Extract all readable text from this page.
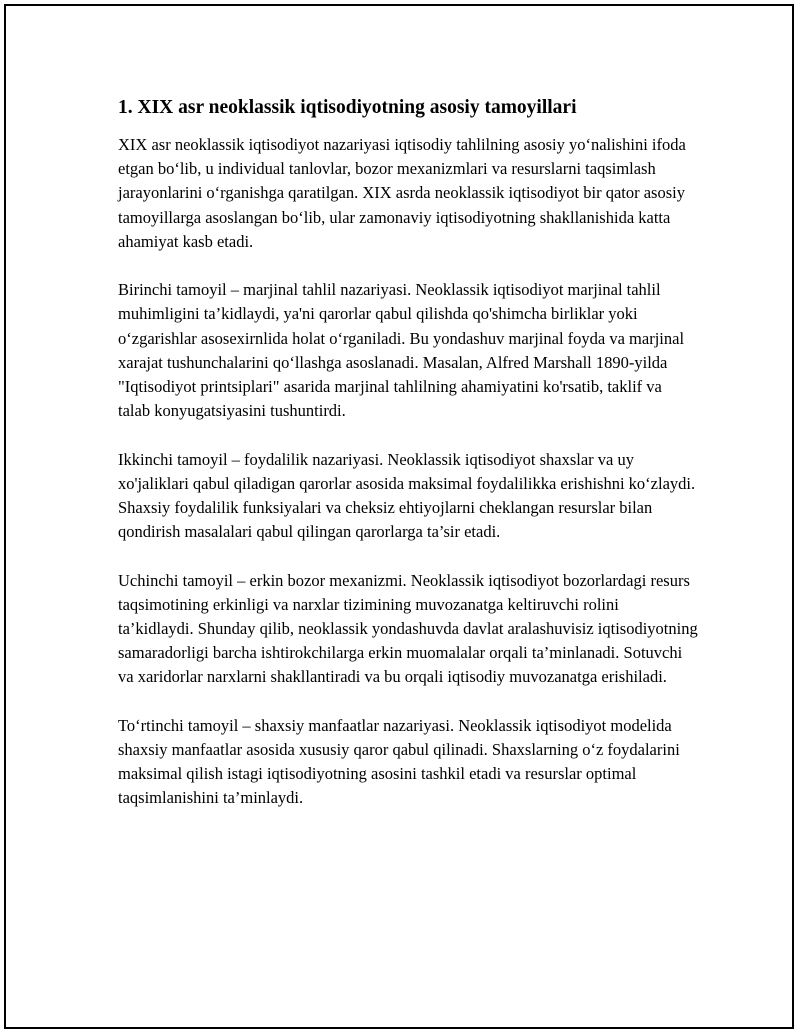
1. XIX asr neoklassik iqtisodiyotning asosiy tamoyillari

XIX asr neoklassik iqtisodiyot nazariyasi iqtisodiy tahlilning asosiy yo‘nalishini ifoda etgan bo‘lib, u individual tanlovlar, bozor mexanizmlari va resurslarni taqsimlash jarayonlarini o‘rganishga qaratilgan. XIX asrda neoklassik iqtisodiyot bir qator asosiy tamoyillarga asoslangan bo‘lib, ular zamonaviy iqtisodiyotning shakllanishida katta ahamiyat kasb etadi.

Birinchi tamoyil – marjinal tahlil nazariyasi. Neoklassik iqtisodiyot marjinal tahlil muhimligini ta’kidlaydi, ya'ni qarorlar qabul qilishda qo'shimcha birliklar yoki o‘zgarishlar asosexirnlida holat o‘rganiladi. Bu yondashuv marjinal foyda va marjinal xarajat tushunchalarini qo‘llashga asoslanadi. Masalan, Alfred Marshall 1890-yilda "Iqtisodiyot printsiplari" asarida marjinal tahlilning ahamiyatini ko'rsatib, taklif va talab konyugatsiyasini tushuntirdi.

Ikkinchi tamoyil – foydalilik nazariyasi. Neoklassik iqtisodiyot shaxslar va uy xo'jaliklari qabul qiladigan qarorlar asosida maksimal foydalilikka erishishni ko‘zlaydi. Shaxsiy foydalilik funksiyalari va cheksiz ehtiyojlarni cheklangan resurslar bilan qondirish masalalari qabul qilingan qarorlarga ta’sir etadi.

Uchinchi tamoyil – erkin bozor mexanizmi. Neoklassik iqtisodiyot bozorlardagi resurs taqsimotining erkinligi va narxlar tizimining muvozanatga keltiruvchi rolini ta’kidlaydi. Shunday qilib, neoklassik yondashuvda davlat aralashuvisiz iqtisodiyotning samaradorligi barcha ishtirokchilarga erkin muomalalar orqali ta’minlanadi. Sotuvchi va xaridorlar narxlarni shakllantiradi va bu orqali iqtisodiy muvozanatga erishiladi.

To‘rtinchi tamoyil – shaxsiy manfaatlar nazariyasi. Neoklassik iqtisodiyot modelida shaxsiy manfaatlar asosida xususiy qaror qabul qilinadi. Shaxslarning o‘z foydalarini maksimal qilish istagi iqtisodiyotning asosini tashkil etadi va resurslar optimal taqsimlanishini ta’minlaydi.
